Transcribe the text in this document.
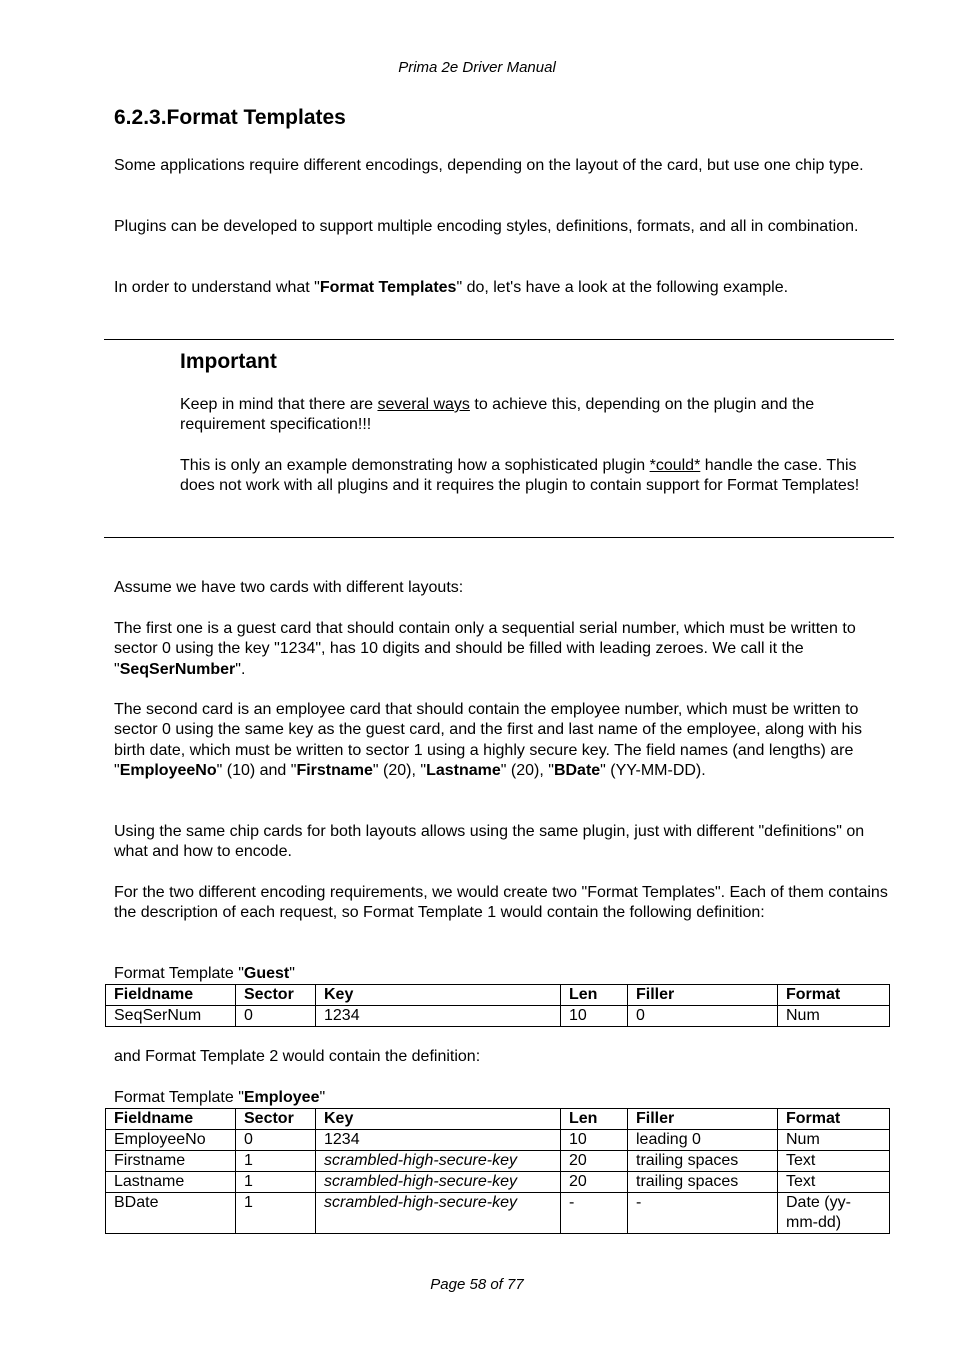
Prima 2e Driver Manual
6.2.3.Format Templates
Some applications require different encodings, depending on the layout of the card, but use one chip type.
Plugins can be developed to support multiple encoding styles, definitions, formats, and all in combination.
In order to understand what "Format Templates" do, let's have a look at the following example.
Important
Keep in mind that there are several ways to achieve this, depending on the plugin and the requirement specification!!!
This is only an example demonstrating how a sophisticated plugin *could* handle the case. This does not work with all plugins and it requires the plugin to contain support for Format Templates!
Assume we have two cards with different layouts:
The first one is a guest card that should contain only a sequential serial number, which must be written to sector 0 using the key "1234", has 10 digits and should be filled with leading zeroes. We call it the "SeqSerNumber".
The second card is an employee card that should contain the employee number, which must be written to sector 0 using the same key as the guest card, and the first and last name of the employee, along with his birth date, which must be written to sector 1 using a highly secure key. The field names (and lengths) are "EmployeeNo" (10) and "Firstname" (20), "Lastname" (20), "BDate" (YY-MM-DD).
Using the same chip cards for both layouts allows using the same plugin, just with different "definitions" on what and how to encode.
For the two different encoding requirements, we would create two "Format Templates". Each of them contains the description of each request, so Format Template 1 would contain the following definition:
Format Template "Guest"
Fieldname	Sector	Key	Len	Filler	Format
SeqSerNum	0	1234	10	0	Num
and Format Template 2 would contain the definition:
Format Template "Employee"
Fieldname	Sector	Key	Len	Filler	Format
EmployeeNo	0	1234	10	leading 0	Num
Firstname	1	scrambled-high-secure-key	20	trailing spaces	Text
Lastname	1	scrambled-high-secure-key	20	trailing spaces	Text
BDate	1	scrambled-high-secure-key	-	-	Date (yy-mm-dd)
Page 58 of 77
